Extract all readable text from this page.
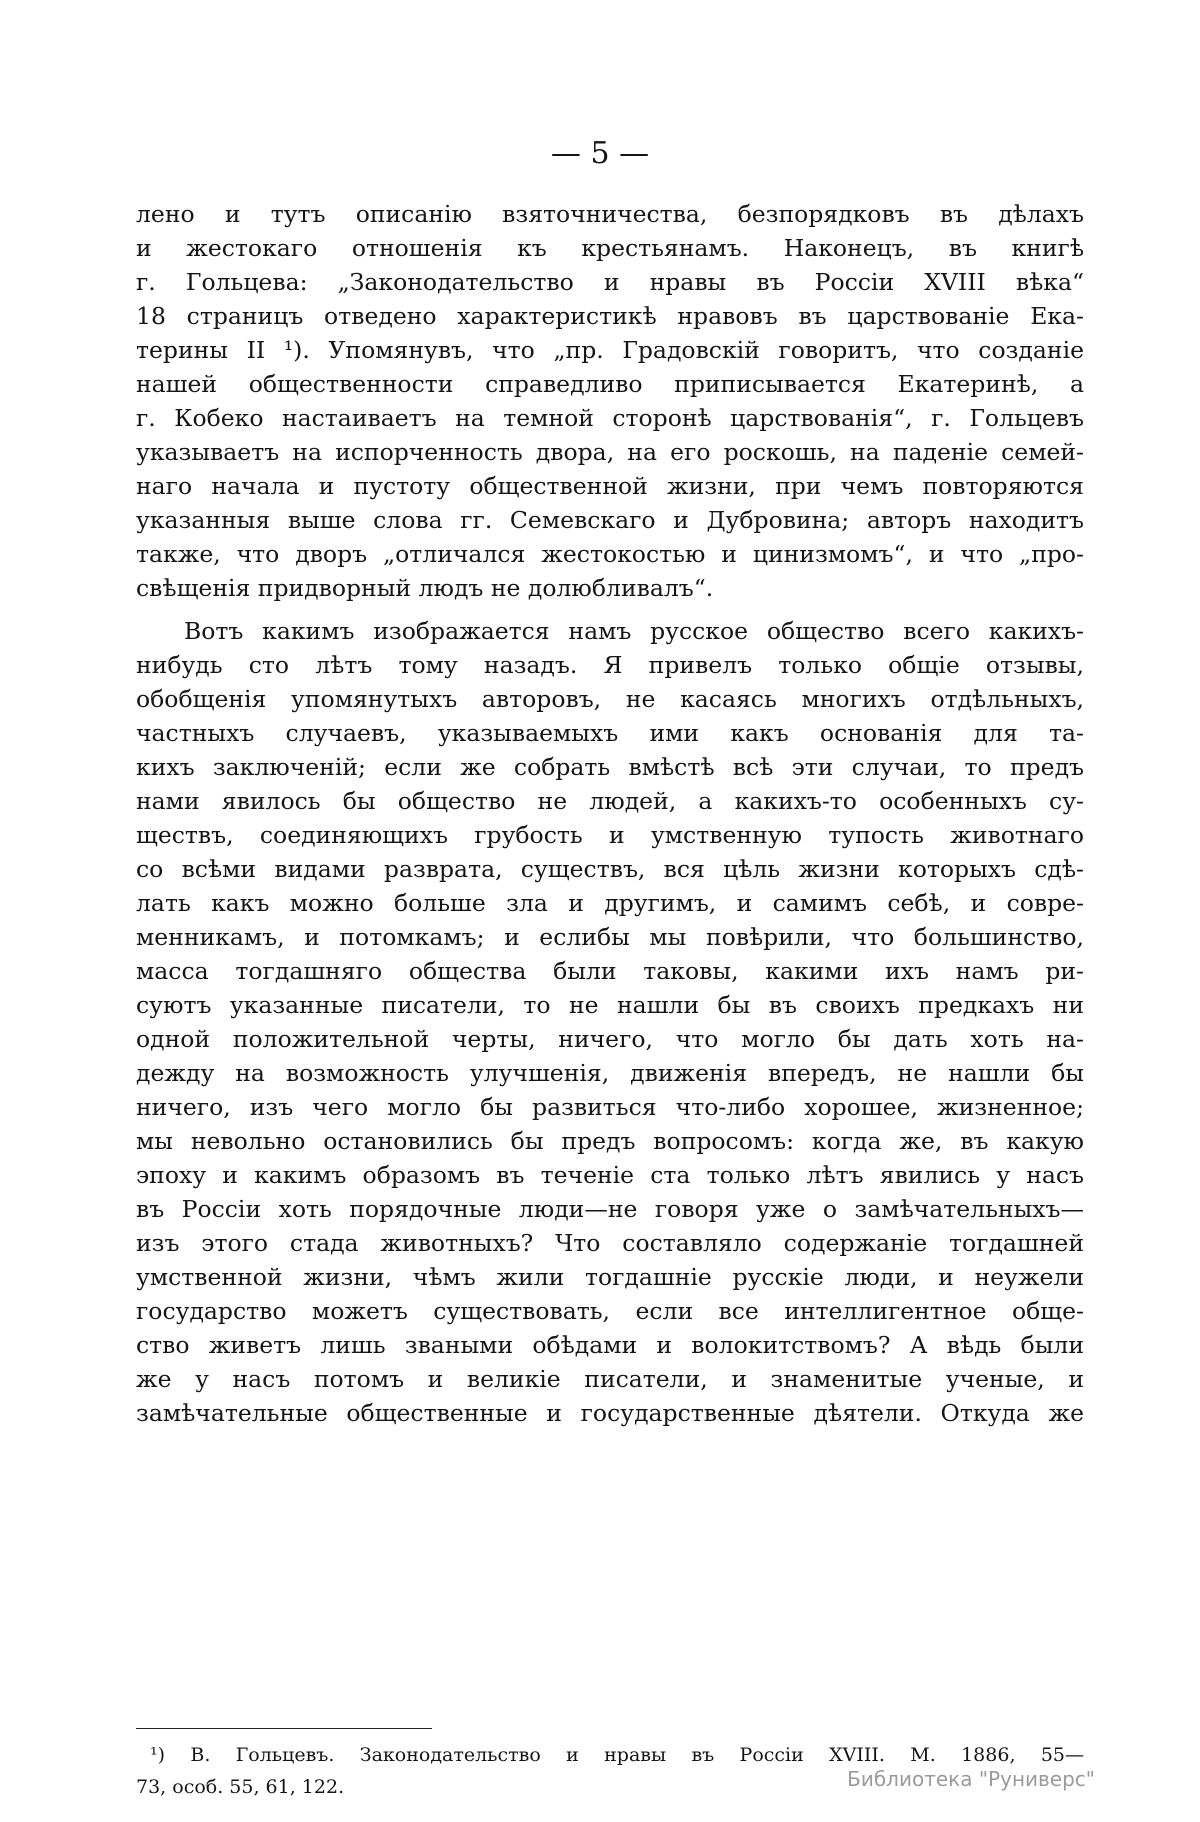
— 5 —
лено и тутъ описанію взяточничества, безпорядковъ въ дѣлахъ
и жестокаго отношенія къ крестьянамъ. Наконецъ, въ книгѣ
г. Гольцева: „Законодательство и нравы въ Россіи XVIII вѣка“
18 страницъ отведено характеристикѣ нравовъ въ царствованіе Ека-
терины II ¹). Упомянувъ, что „пр. Градовскій говоритъ, что созданіе
нашей общественности справедливо приписывается Екатеринѣ, а
г. Кобеко настаиваетъ на темной сторонѣ царствованія“, г. Гольцевъ
указываетъ на испорченность двора, на его роскошь, на паденіе семей-
наго начала и пустоту общественной жизни, при чемъ повторяются
указанныя выше слова гг. Семевскаго и Дубровина; авторъ находитъ
также, что дворъ „отличался жестокостью и цинизмомъ“, и что „про-
свѣщенія придворный людъ не долюбливалъ“.
Вотъ какимъ изображается намъ русское общество всего какихъ-
нибудь сто лѣтъ тому назадъ. Я привелъ только общіе отзывы,
обобщенія упомянутыхъ авторовъ, не касаясь многихъ отдѣльныхъ,
частныхъ случаевъ, указываемыхъ ими какъ основанія для та-
кихъ заключеній; если же собрать вмѣстѣ всѣ эти случаи, то предъ
нами явилось бы общество не людей, а какихъ-то особенныхъ су-
ществъ, соединяющихъ грубость и умственную тупость животнаго
со всѣми видами разврата, существъ, вся цѣль жизни которыхъ сдѣ-
лать какъ можно больше зла и другимъ, и самимъ себѣ, и совре-
менникамъ, и потомкамъ; и еслибы мы повѣрили, что большинство,
масса тогдашняго общества были таковы, какими ихъ намъ ри-
суютъ указанные писатели, то не нашли бы въ своихъ предкахъ ни
одной положительной черты, ничего, что могло бы дать хоть на-
дежду на возможность улучшенія, движенія впередъ, не нашли бы
ничего, изъ чего могло бы развиться что-либо хорошее, жизненное;
мы невольно остановились бы предъ вопросомъ: когда же, въ какую
эпоху и какимъ образомъ въ теченіе ста только лѣтъ явились у насъ
въ Россіи хоть порядочные люди—не говоря уже о замѣчательныхъ—
изъ этого стада животныхъ? Что составляло содержаніе тогдашней
умственной жизни, чѣмъ жили тогдашніе русскіе люди, и неужели
государство можетъ существовать, если все интеллигентное обще-
ство живетъ лишь зваными обѣдами и волокитствомъ? А вѣдь были
же у насъ потомъ и великіе писатели, и знаменитые ученые, и
замѣчательные общественные и государственные дѣятели. Откуда же
¹) В. Гольцевъ. Законодательство и нравы въ Россіи XVIII. М. 1886, 55—
73, особ. 55, 61, 122.	Библиотека "Руниверс"
